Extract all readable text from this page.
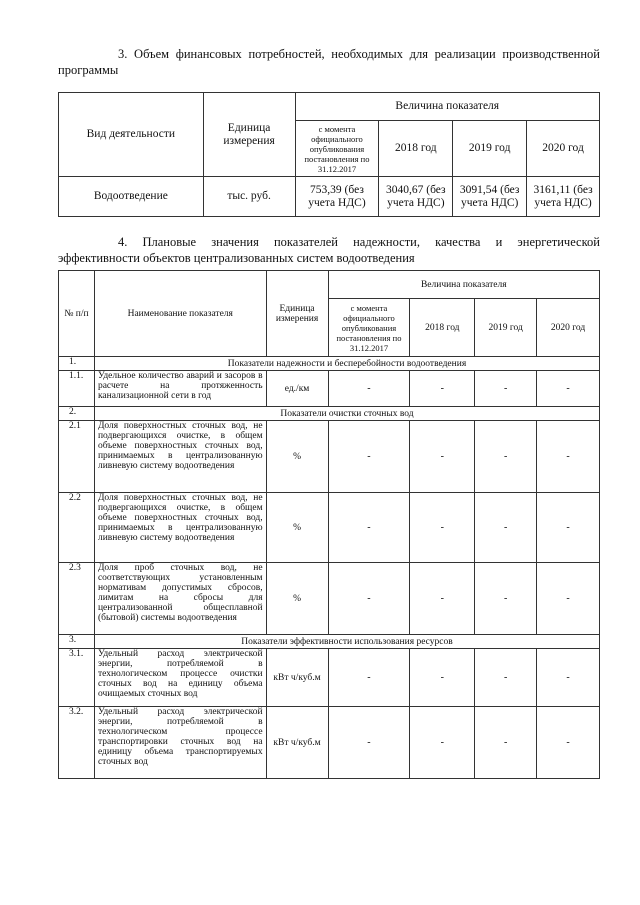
3. Объем финансовых потребностей, необходимых для реализации производственной программы
Вид деятельности	Единица измерения	Величина показателя			
		с момента официального опубликования постановления по 31.12.2017	2018 год	2019 год	2020 год
Водоотведение	тыс. руб.	753,39 (без учета НДС)	3040,67 (без учета НДС)	3091,54 (без учета НДС)	3161,11 (без учета НДС)
4. Плановые значения показателей надежности, качества и энергетической эффективности объектов централизованных систем водоотведения
№ п/п	Наименование показателя	Единица измерения	Величина показателя			
			с момента официального опубликования постановления по 31.12.2017	2018 год	2019 год	2020 год
1.	Показатели надежности и бесперебойности водоотведения					
1.1.	Удельное количество аварий и засоров в расчете на протяженность канализационной сети в год	ед./км	-	-	-	-
2.	Показатели очистки сточных вод					
2.1	Доля поверхностных сточных вод, не подвергающихся очистке, в общем объеме поверхностных сточных вод, принимаемых в централизованную ливневую систему водоотведения	%	-	-	-	-
2.2	Доля поверхностных сточных вод, не подвергающихся очистке, в общем объеме поверхностных сточных вод, принимаемых в централизованную ливневую систему водоотведения	%	-	-	-	-
2.3	Доля проб сточных вод, не соответствующих установленным нормативам допустимых сбросов, лимитам на сбросы для централизованной общесплавной (бытовой) системы водоотведения	%	-	-	-	-
3.	Показатели эффективности использования ресурсов					
3.1.	Удельный расход электрической энергии, потребляемой в технологическом процессе очистки сточных вод на единицу объема очищаемых сточных вод	кВт ч/куб.м	-	-	-	-
3.2.	Удельный расход электрической энергии, потребляемой в технологическом процессе транспортировки сточных вод на единицу объема транспортируемых сточных вод	кВт ч/куб.м	-	-	-	-
